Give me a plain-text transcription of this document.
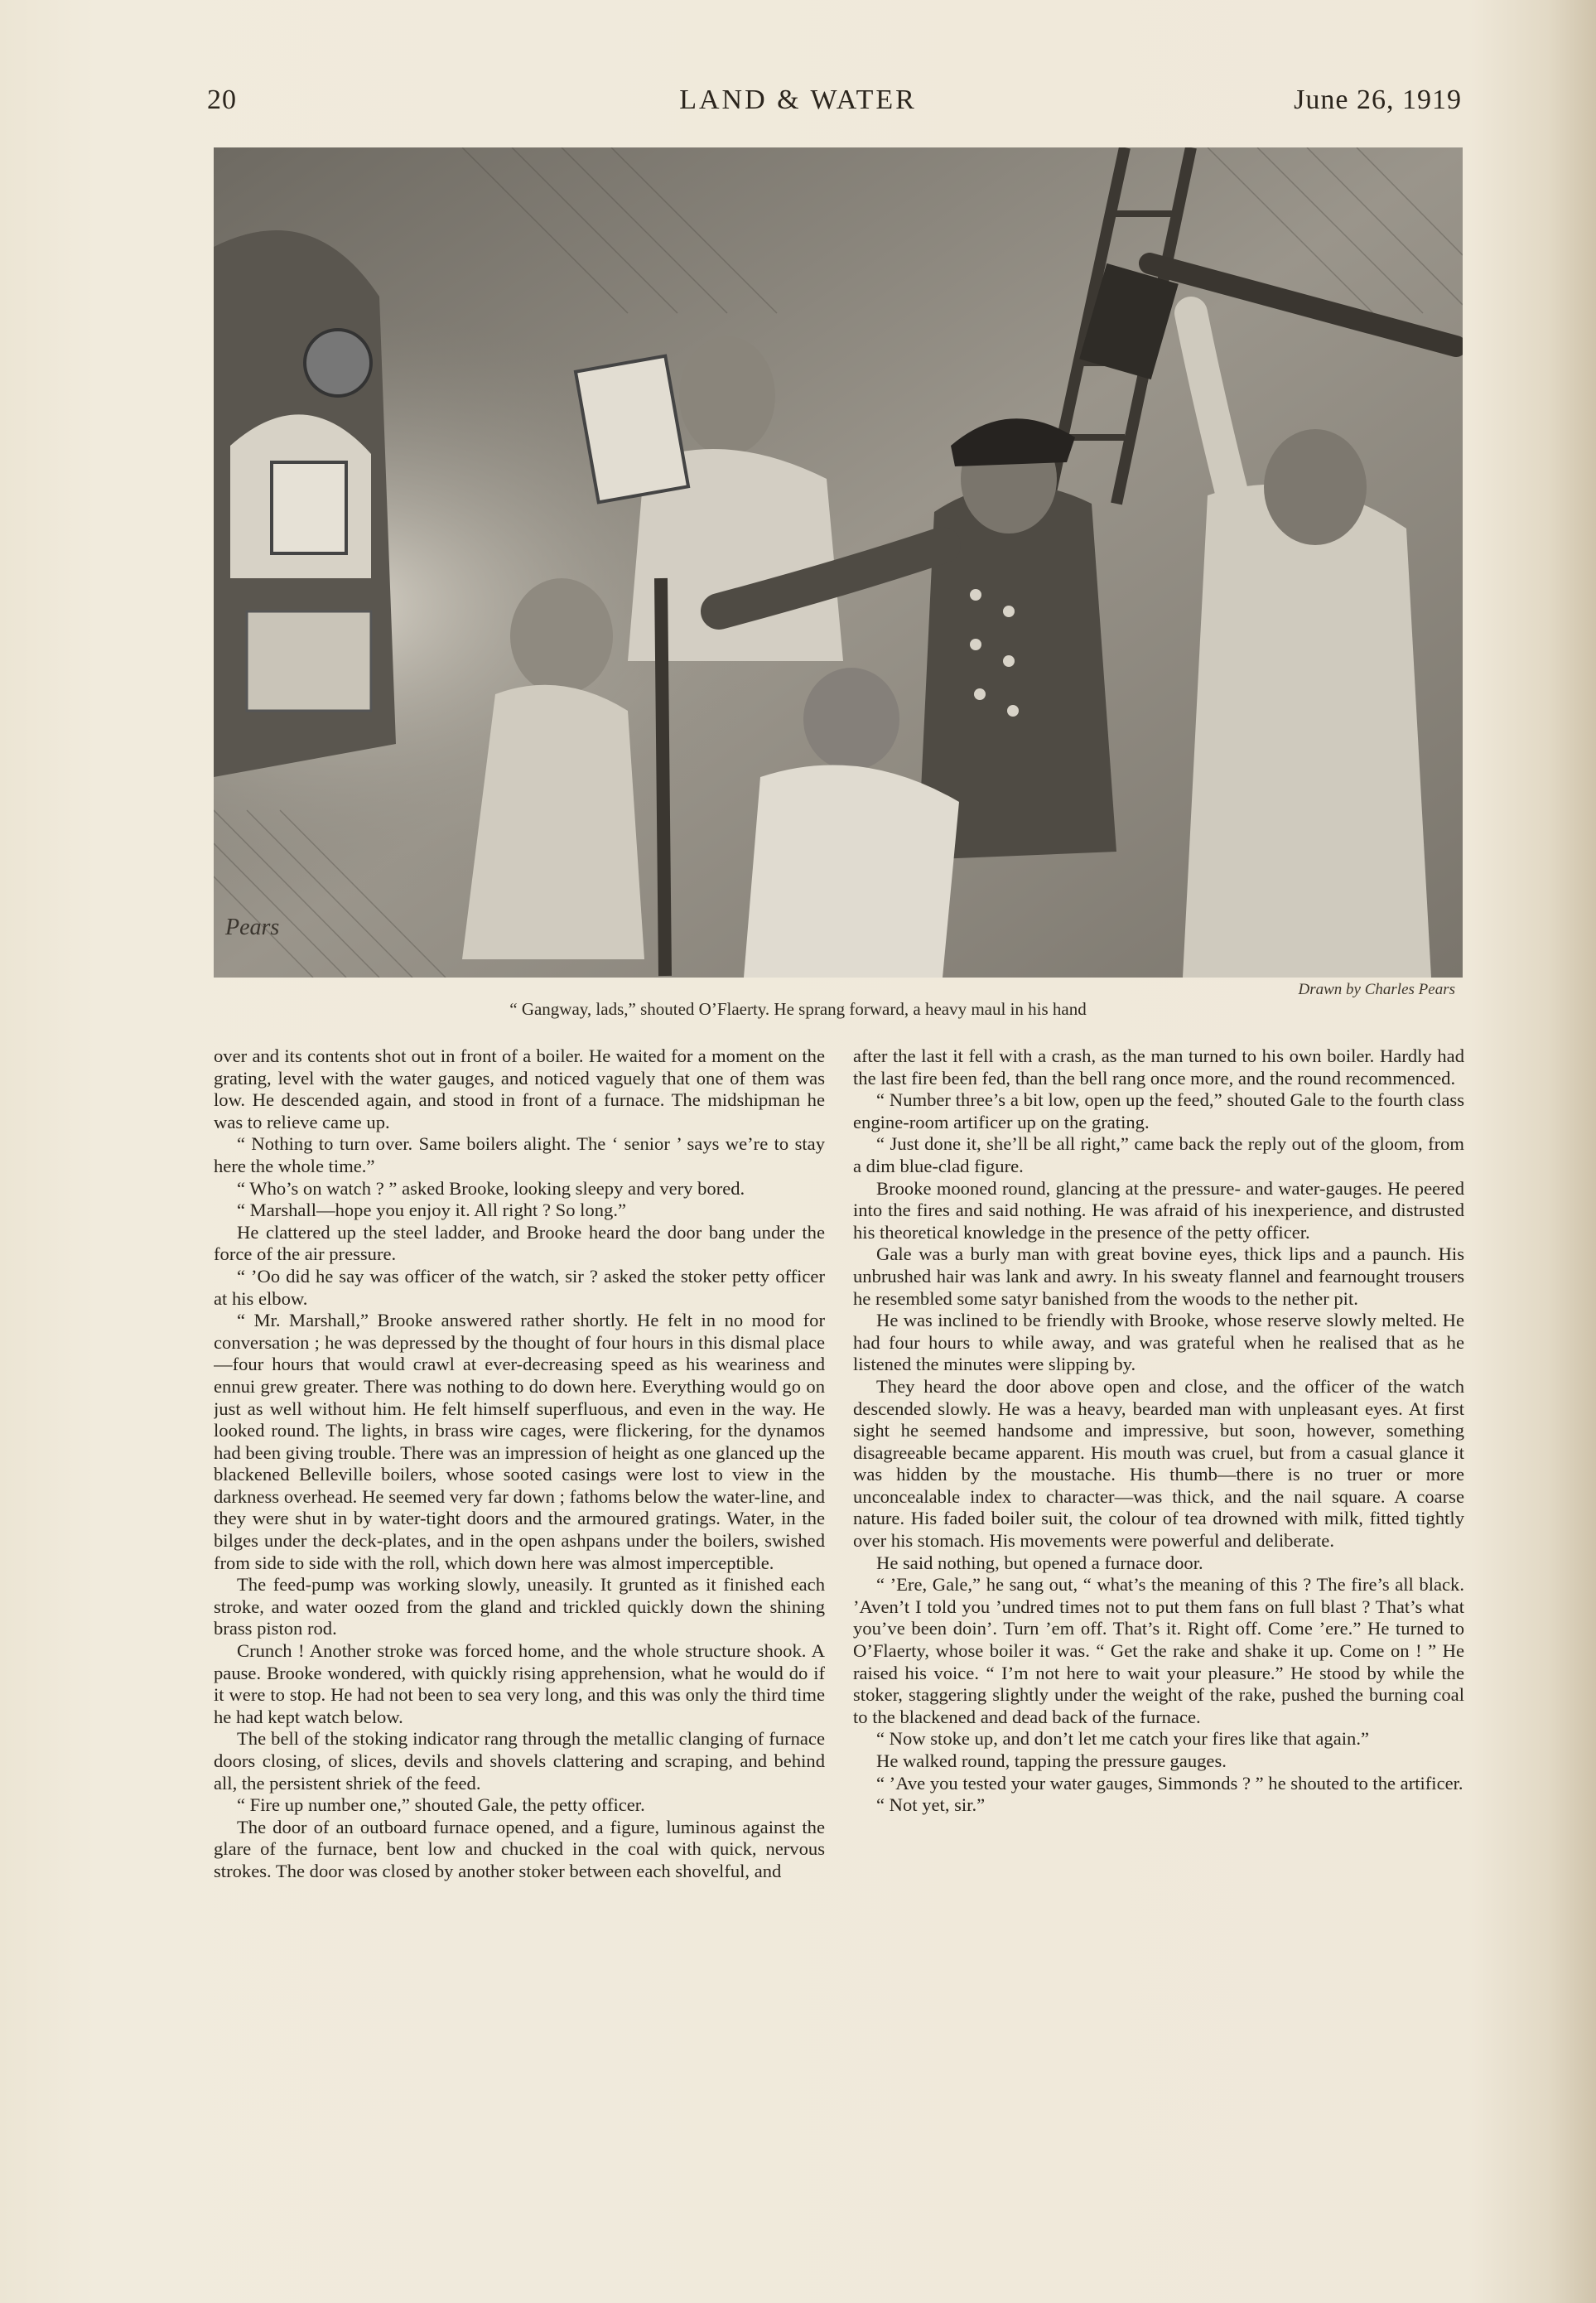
20	LAND & WATER	June 26, 1919
Pears
Drawn by Charles Pears
“ Gangway, lads,” shouted O’Flaerty. He sprang forward, a heavy maul in his hand

over and its contents shot out in front of a boiler. He waited for a moment on the grating, level with the water gauges, and noticed vaguely that one of them was low. He descended again, and stood in front of a furnace. The midshipman he was to relieve came up.

“ Nothing to turn over. Same boilers alight. The ‘ senior ’ says we’re to stay here the whole time.”

“ Who’s on watch ? ” asked Brooke, looking sleepy and very bored.

“ Marshall—hope you enjoy it. All right ? So long.”

He clattered up the steel ladder, and Brooke heard the door bang under the force of the air pressure.

“ ’Oo did he say was officer of the watch, sir ? asked the stoker petty officer at his elbow.

“ Mr. Marshall,” Brooke answered rather shortly. He felt in no mood for conversation ; he was depressed by the thought of four hours in this dismal place—four hours that would crawl at ever-decreasing speed as his weariness and ennui grew greater. There was nothing to do down here. Everything would go on just as well without him. He felt himself superfluous, and even in the way. He looked round. The lights, in brass wire cages, were flickering, for the dynamos had been giving trouble. There was an impression of height as one glanced up the blackened Belleville boilers, whose sooted casings were lost to view in the darkness overhead. He seemed very far down ; fathoms below the water-line, and they were shut in by water-tight doors and the armoured gratings. Water, in the bilges under the deck-plates, and in the open ashpans under the boilers, swished from side to side with the roll, which down here was almost imperceptible.

The feed-pump was working slowly, uneasily. It grunted as it finished each stroke, and water oozed from the gland and trickled quickly down the shining brass piston rod.

Crunch ! Another stroke was forced home, and the whole structure shook. A pause. Brooke wondered, with quickly rising apprehension, what he would do if it were to stop. He had not been to sea very long, and this was only the third time he had kept watch below.

The bell of the stoking indicator rang through the metallic clanging of furnace doors closing, of slices, devils and shovels clattering and scraping, and behind all, the persistent shriek of the feed.

“ Fire up number one,” shouted Gale, the petty officer.

The door of an outboard furnace opened, and a figure, luminous against the glare of the furnace, bent low and chucked in the coal with quick, nervous strokes. The door was closed by another stoker between each shovelful, and

after the last it fell with a crash, as the man turned to his own boiler. Hardly had the last fire been fed, than the bell rang once more, and the round recommenced.

“ Number three’s a bit low, open up the feed,” shouted Gale to the fourth class engine-room artificer up on the grating.

“ Just done it, she’ll be all right,” came back the reply out of the gloom, from a dim blue-clad figure.

Brooke mooned round, glancing at the pressure- and water-gauges. He peered into the fires and said nothing. He was afraid of his inexperience, and distrusted his theoretical knowledge in the presence of the petty officer.

Gale was a burly man with great bovine eyes, thick lips and a paunch. His unbrushed hair was lank and awry. In his sweaty flannel and fearnought trousers he resembled some satyr banished from the woods to the nether pit.

He was inclined to be friendly with Brooke, whose reserve slowly melted. He had four hours to while away, and was grateful when he realised that as he listened the minutes were slipping by.

They heard the door above open and close, and the officer of the watch descended slowly. He was a heavy, bearded man with unpleasant eyes. At first sight he seemed handsome and impressive, but soon, however, something disagreeable became apparent. His mouth was cruel, but from a casual glance it was hidden by the moustache. His thumb—there is no truer or more unconcealable index to character—was thick, and the nail square. A coarse nature. His faded boiler suit, the colour of tea drowned with milk, fitted tightly over his stomach. His movements were powerful and deliberate.

He said nothing, but opened a furnace door.

“ ’Ere, Gale,” he sang out, “ what’s the meaning of this ? The fire’s all black. ’Aven’t I told you ’undred times not to put them fans on full blast ? That’s what you’ve been doin’. Turn ’em off. That’s it. Right off. Come ’ere.” He turned to O’Flaerty, whose boiler it was. “ Get the rake and shake it up. Come on ! ” He raised his voice. “ I’m not here to wait your pleasure.” He stood by while the stoker, staggering slightly under the weight of the rake, pushed the burning coal to the blackened and dead back of the furnace.

“ Now stoke up, and don’t let me catch your fires like that again.”

He walked round, tapping the pressure gauges.

“ ’Ave you tested your water gauges, Simmonds ? ” he shouted to the artificer.

“ Not yet, sir.”
